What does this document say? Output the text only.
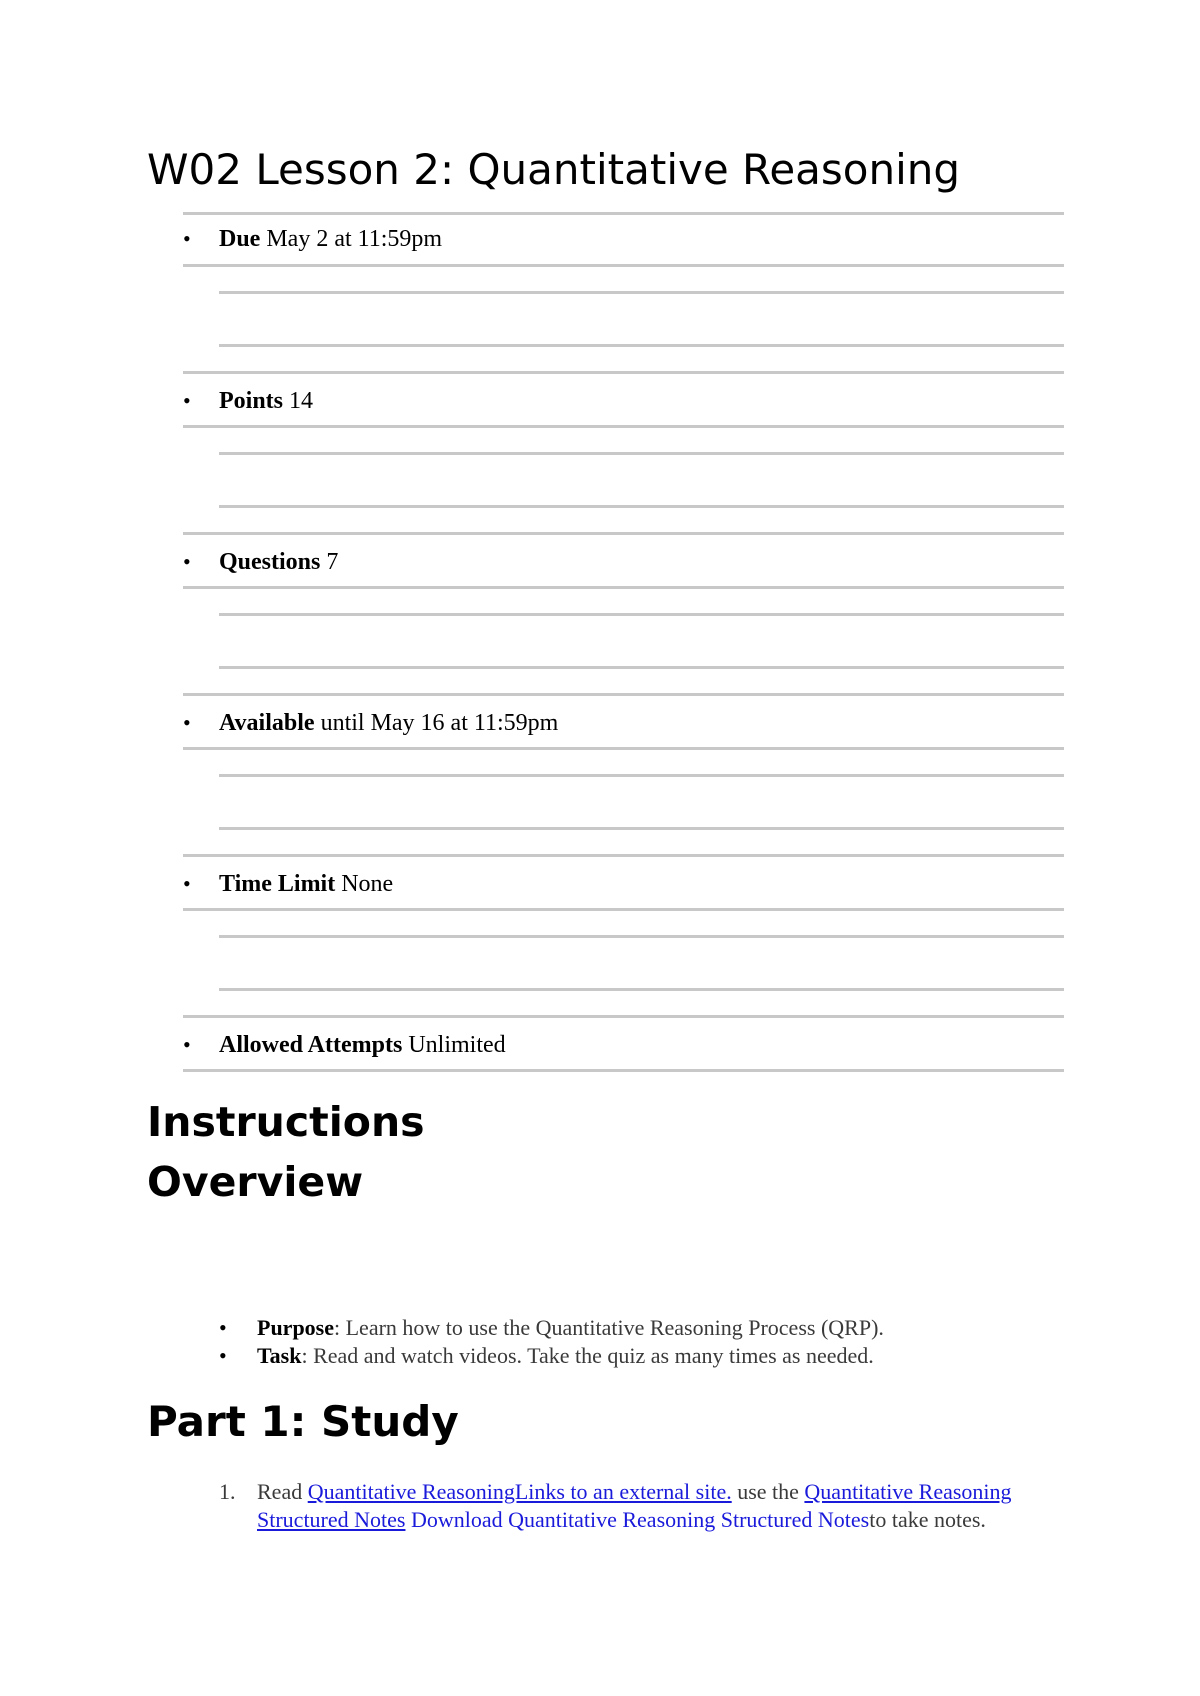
W02 Lesson 2: Quantitative Reasoning
• Due May 2 at 11:59pm
• Points 14
• Questions 7
• Available until May 16 at 11:59pm
• Time Limit None
• Allowed Attempts Unlimited
Instructions
Overview
• Purpose: Learn how to use the Quantitative Reasoning Process (QRP).
• Task: Read and watch videos. Take the quiz as many times as needed.
Part 1: Study
1. Read Quantitative ReasoningLinks to an external site. use the Quantitative Reasoning Structured Notes Download Quantitative Reasoning Structured Notesto take notes.
